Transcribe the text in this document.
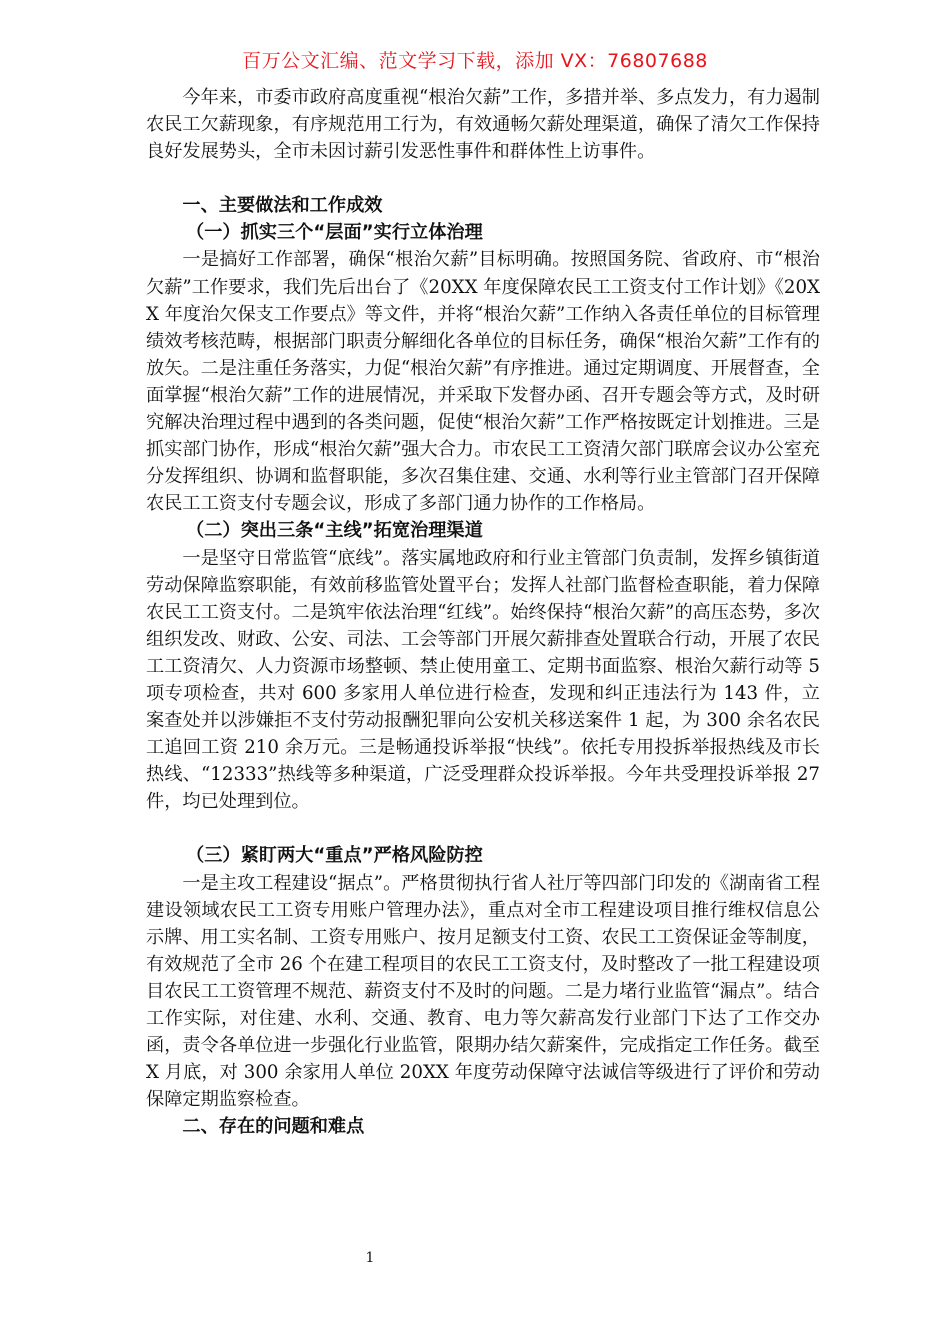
百万公文汇编、范文学习下载，添加 VX：76807688

今年来，市委市政府高度重视“根治欠薪”工作，多措并举、多点发力，有力遏制农民工欠薪现象，有序规范用工行为，有效通畅欠薪处理渠道，确保了清欠工作保持良好发展势头，全市未因讨薪引发恶性事件和群体性上访事件。

一、主要做法和工作成效

（一）抓实三个“层面”实行立体治理

一是搞好工作部署，确保“根治欠薪”目标明确。按照国务院、省政府、市“根治欠薪”工作要求，我们先后出台了《20XX 年度保障农民工工资支付工作计划》《20XX 年度治欠保支工作要点》等文件，并将“根治欠薪”工作纳入各责任单位的目标管理绩效考核范畴，根据部门职责分解细化各单位的目标任务，确保“根治欠薪”工作有的放矢。二是注重任务落实，力促“根治欠薪”有序推进。通过定期调度、开展督查，全面掌握“根治欠薪”工作的进展情况，并采取下发督办函、召开专题会等方式，及时研究解决治理过程中遇到的各类问题，促使“根治欠薪”工作严格按既定计划推进。三是抓实部门协作，形成“根治欠薪”强大合力。市农民工工资清欠部门联席会议办公室充分发挥组织、协调和监督职能，多次召集住建、交通、水利等行业主管部门召开保障农民工工资支付专题会议，形成了多部门通力协作的工作格局。

（二）突出三条“主线”拓宽治理渠道

一是坚守日常监管“底线”。落实属地政府和行业主管部门负责制，发挥乡镇街道劳动保障监察职能，有效前移监管处置平台；发挥人社部门监督检查职能，着力保障农民工工资支付。二是筑牢依法治理“红线”。始终保持“根治欠薪”的高压态势，多次组织发改、财政、公安、司法、工会等部门开展欠薪排查处置联合行动，开展了农民工工资清欠、人力资源市场整顿、禁止使用童工、定期书面监察、根治欠薪行动等 5 项专项检查，共对 600 多家用人单位进行检查，发现和纠正违法行为 143 件，立案查处并以涉嫌拒不支付劳动报酬犯罪向公安机关移送案件 1 起，为 300 余名农民工追回工资 210 余万元。三是畅通投诉举报“快线”。依托专用投拆举报热线及市长热线、“12333”热线等多种渠道，广泛受理群众投诉举报。今年共受理投诉举报 27 件，均已处理到位。

（三）紧盯两大“重点”严格风险防控

一是主攻工程建设“据点”。严格贯彻执行省人社厅等四部门印发的《湖南省工程建设领域农民工工资专用账户管理办法》，重点对全市工程建设项目推行维权信息公示牌、用工实名制、工资专用账户、按月足额支付工资、农民工工资保证金等制度，有效规范了全市 26 个在建工程项目的农民工工资支付，及时整改了一批工程建设项目农民工工资管理不规范、薪资支付不及时的问题。二是力堵行业监管“漏点”。结合工作实际，对住建、水利、交通、教育、电力等欠薪高发行业部门下达了工作交办函，责令各单位进一步强化行业监管，限期办结欠薪案件，完成指定工作任务。截至 X 月底，对 300 余家用人单位 20XX 年度劳动保障守法诚信等级进行了评价和劳动保障定期监察检查。

二、存在的问题和难点

1
